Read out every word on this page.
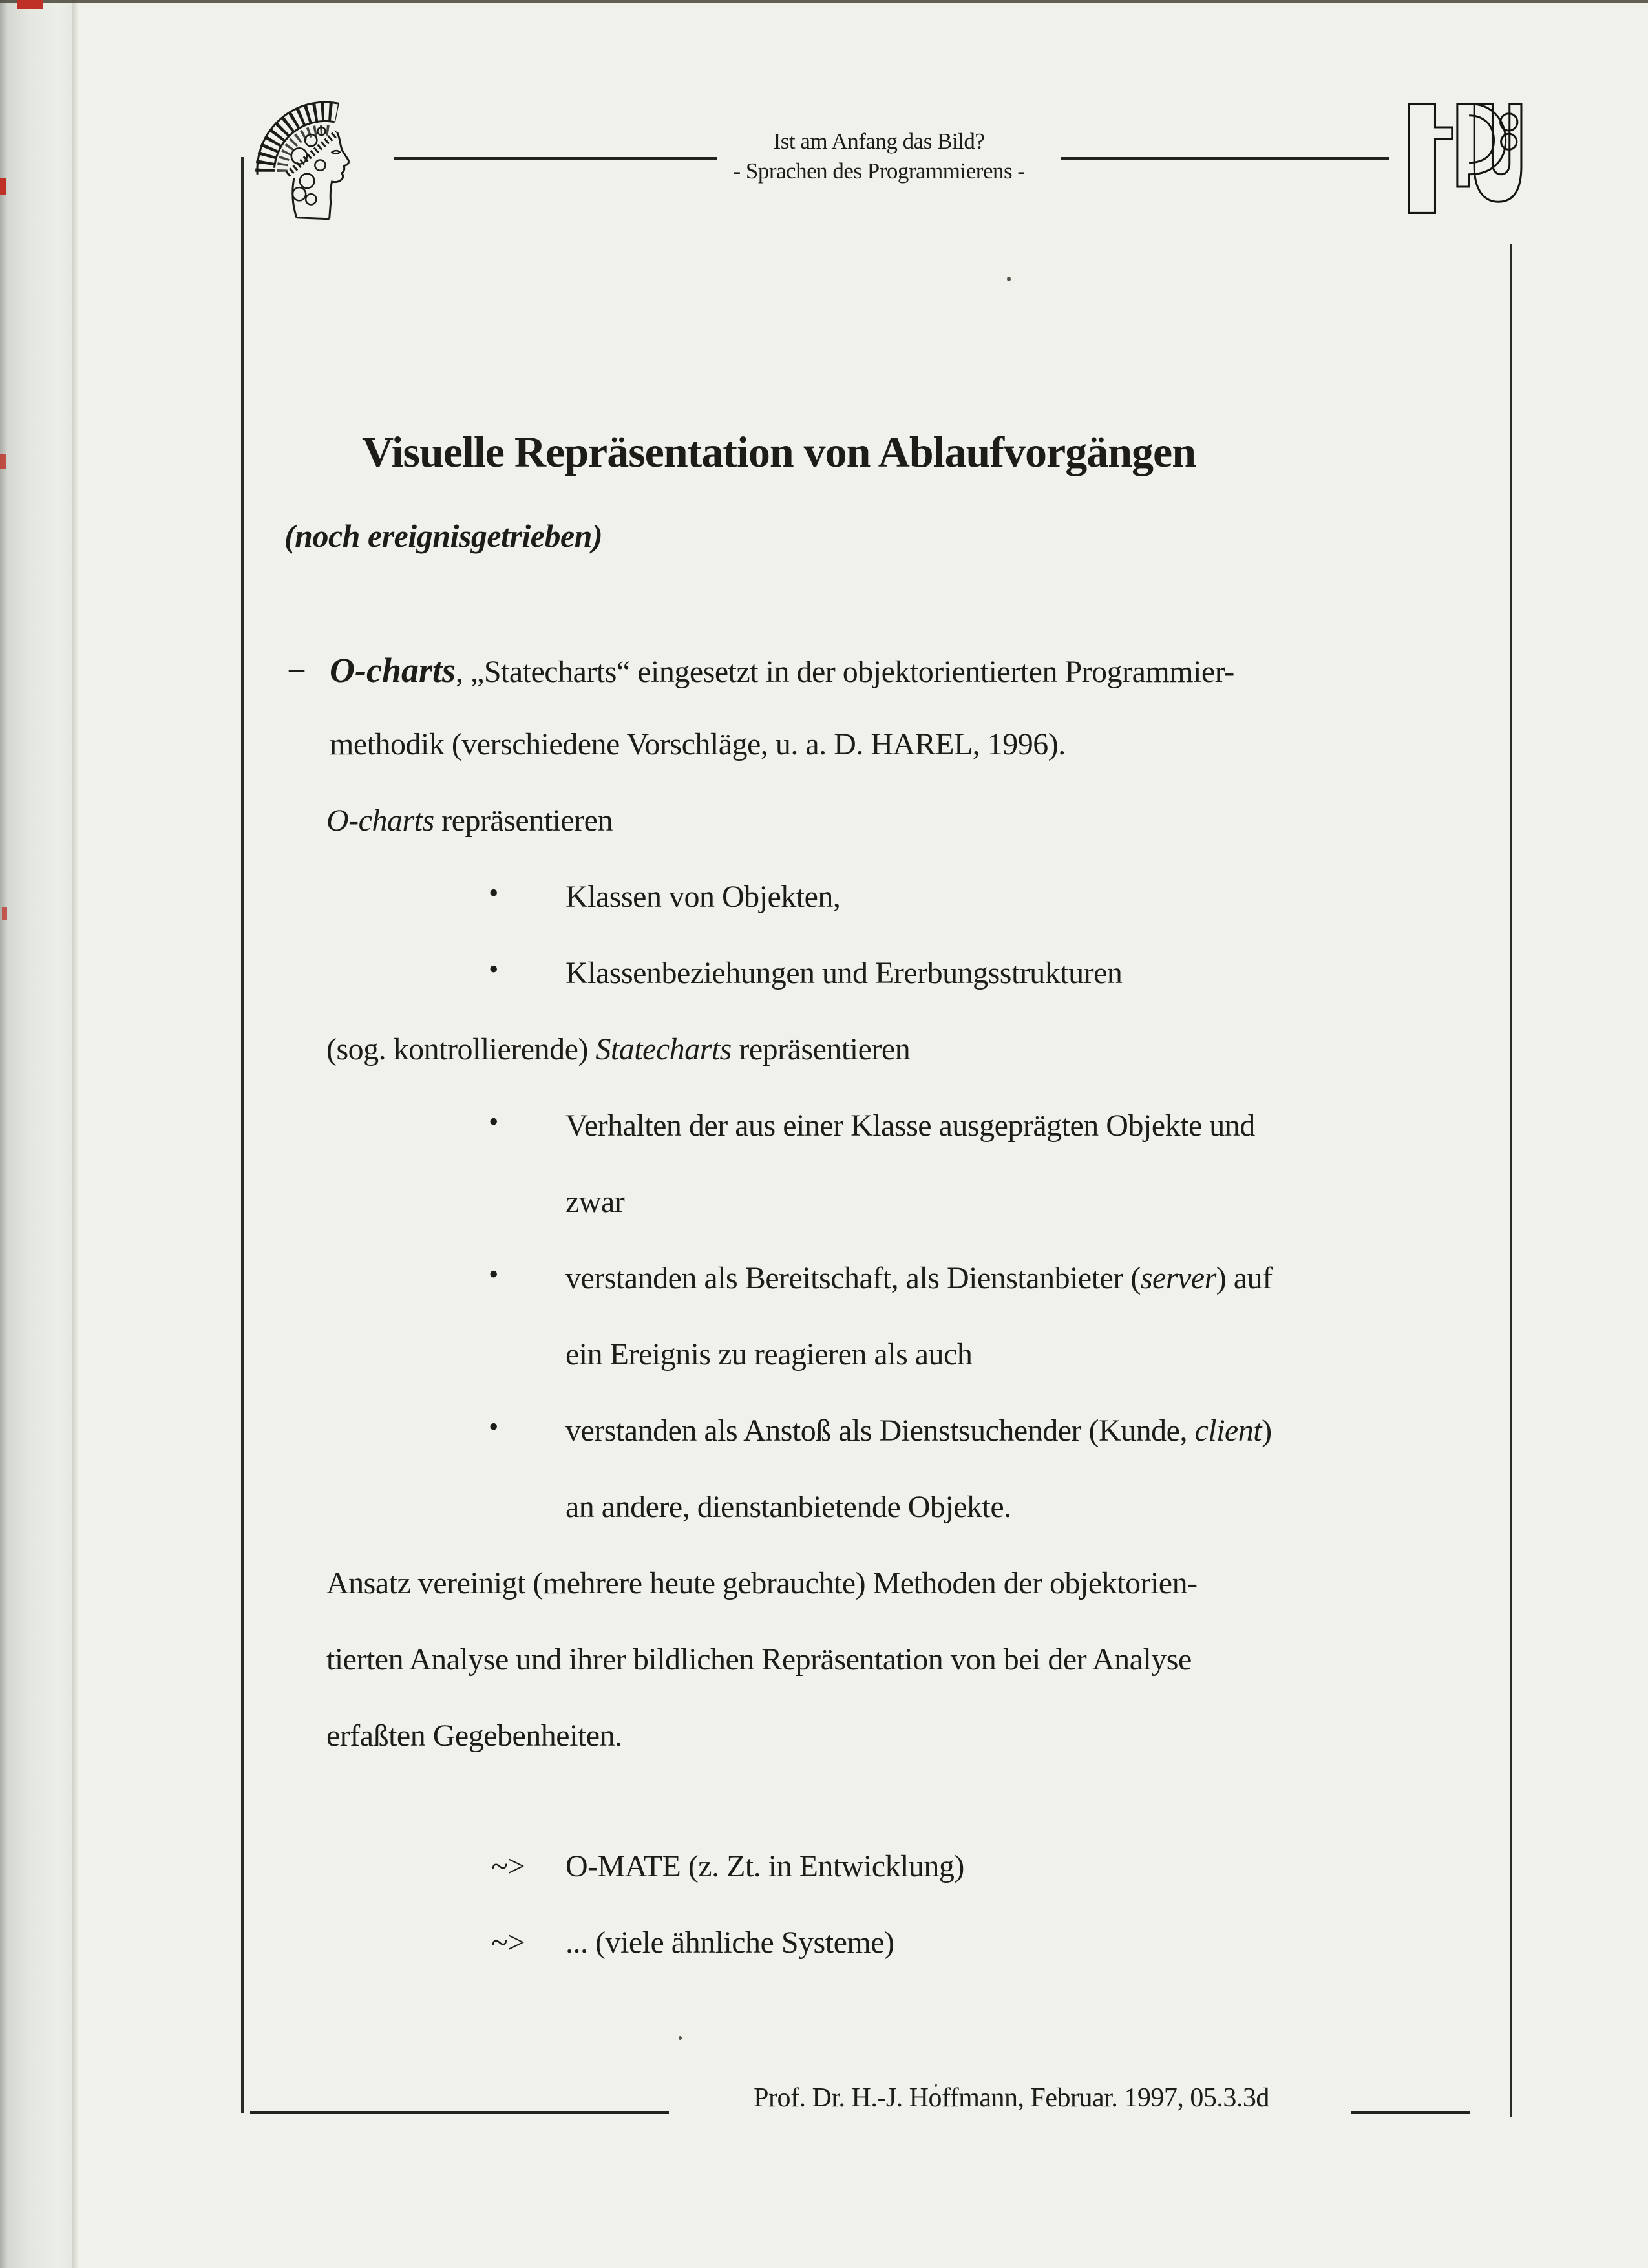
Ist am Anfang das Bild?
- Sprachen des Programmierens -
Visuelle Repräsentation von Ablaufvorgängen
(noch ereignisgetrieben)
– O-charts, „Statecharts“ eingesetzt in der objektorientierten Programmier-
methodik (verschiedene Vorschläge, u. a. D. HAREL, 1996).
O-charts repräsentieren
• Klassen von Objekten,
• Klassenbeziehungen und Ererbungsstrukturen
(sog. kontrollierende) Statecharts repräsentieren
• Verhalten der aus einer Klasse ausgeprägten Objekte und
zwar
• verstanden als Bereitschaft, als Dienstanbieter (server) auf
ein Ereignis zu reagieren als auch
• verstanden als Anstoß als Dienstsuchender (Kunde, client)
an andere, dienstanbietende Objekte.
Ansatz vereinigt (mehrere heute gebrauchte) Methoden der objektorien-
tierten Analyse und ihrer bildlichen Repräsentation von bei der Analyse
erfaßten Gegebenheiten.
~> O-MATE (z. Zt. in Entwicklung)
~> ... (viele ähnliche Systeme)
Prof. Dr. H.-J. Hoffmann, Februar. 1997, 05.3.3d
